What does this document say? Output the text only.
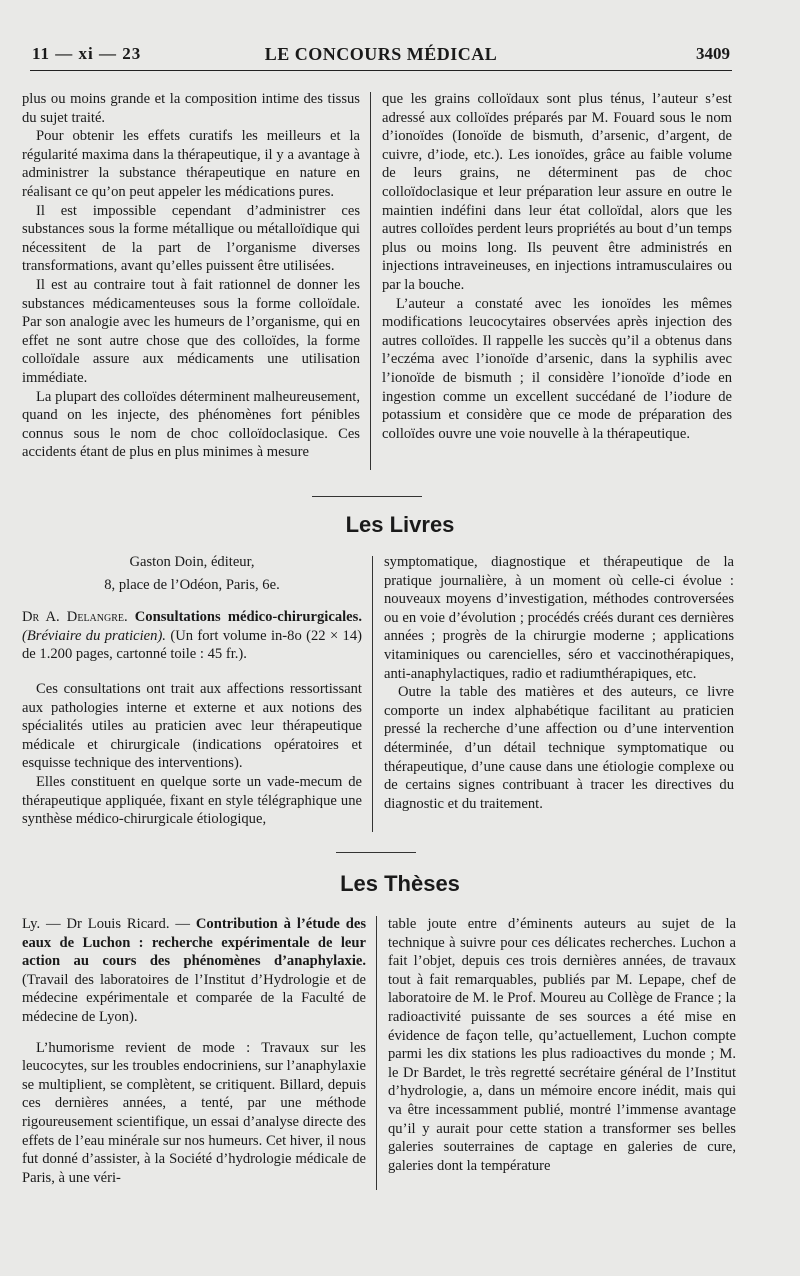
11 — xi — 23	LE CONCOURS MÉDICAL	3409

plus ou moins grande et la composition intime des tissus du sujet traité.

Pour obtenir les effets curatifs les meilleurs et la régularité maxima dans la thérapeutique, il y a avantage à administrer la substance thérapeutique en nature en réalisant ce qu’on peut appeler les médications pures.

Il est impossible cependant d’administrer ces substances sous la forme métallique ou métalloïdique qui nécessitent de la part de l’organisme diverses transformations, avant qu’elles puissent être utilisées.

Il est au contraire tout à fait rationnel de donner les substances médicamenteuses sous la forme colloïdale. Par son analogie avec les humeurs de l’organisme, qui en effet ne sont autre chose que des colloïdes, la forme colloïdale assure aux médicaments une utilisation immédiate.

La plupart des colloïdes déterminent malheureusement, quand on les injecte, des phénomènes fort pénibles connus sous le nom de choc colloïdoclasique. Ces accidents étant de plus en plus minimes à mesure

que les grains colloïdaux sont plus ténus, l’auteur s’est adressé aux colloïdes préparés par M. Fouard sous le nom d’ionoïdes (Ionoïde de bismuth, d’arsenic, d’argent, de cuivre, d’iode, etc.). Les ionoïdes, grâce au faible volume de leurs grains, ne déterminent pas de choc colloïdoclasique et leur préparation leur assure en outre le maintien indéfini dans leur état colloïdal, alors que les autres colloïdes perdent leurs propriétés au bout d’un temps plus ou moins long. Ils peuvent être administrés en injections intraveineuses, en injections intramusculaires ou par la bouche.

L’auteur a constaté avec les ionoïdes les mêmes modifications leucocytaires observées après injection des autres colloïdes. Il rappelle les succès qu’il a obtenus dans l’eczéma avec l’ionoïde d’arsenic, dans la syphilis avec l’ionoïde de bismuth ; il considère l’ionoïde d’iode en ingestion comme un excellent succédané de l’iodure de potassium et considère que ce mode de préparation des colloïdes ouvre une voie nouvelle à la thérapeutique.

Les Livres

Gaston Doin, éditeur,

8, place de l’Odéon, Paris, 6e.

Dr A. Delangre. Consultations médico-chirurgicales. (Bréviaire du praticien). (Un fort volume in-8o (22 × 14) de 1.200 pages, cartonné toile : 45 fr.).

Ces consultations ont trait aux affections ressortissant aux pathologies interne et externe et aux notions des spécialités utiles au praticien avec leur thérapeutique médicale et chirurgicale (indications opératoires et esquisse technique des interventions).

Elles constituent en quelque sorte un vade-mecum de thérapeutique appliquée, fixant en style télégraphique une synthèse médico-chirurgicale étiologique,

symptomatique, diagnostique et thérapeutique de la pratique journalière, à un moment où celle-ci évolue : nouveaux moyens d’investigation, méthodes controversées ou en voie d’évolution ; procédés créés durant ces dernières années ; progrès de la chirurgie moderne ; applications vitaminiques ou carencielles, séro et vaccinothérapiques, anti-anaphylactiques, radio et radiumthérapiques, etc.

Outre la table des matières et des auteurs, ce livre comporte un index alphabétique facilitant au praticien pressé la recherche d’une affection ou d’une intervention déterminée, d’un détail technique symptomatique ou thérapeutique, d’une cause dans une étiologie complexe ou de certains signes contribuant à tracer les directives du diagnostic et du traitement.

Les Thèses

Ly. — Dr Louis Ricard. — Contribution à l’étude des eaux de Luchon : recherche expérimentale de leur action au cours des phénomènes d’anaphylaxie. (Travail des laboratoires de l’Institut d’Hydrologie et de médecine expérimentale et comparée de la Faculté de médecine de Lyon).

L’humorisme revient de mode : Travaux sur les leucocytes, sur les troubles endocriniens, sur l’anaphylaxie se multiplient, se complètent, se critiquent. Billard, depuis ces dernières années, a tenté, par une méthode rigoureusement scientifique, un essai d’analyse directe des effets de l’eau minérale sur nos humeurs. Cet hiver, il nous fut donné d’assister, à la Société d’hydrologie médicale de Paris, à une véri-

table joute entre d’éminents auteurs au sujet de la technique à suivre pour ces délicates recherches. Luchon a fait l’objet, depuis ces trois dernières années, de travaux tout à fait remarquables, publiés par M. Lepape, chef de laboratoire de M. le Prof. Moureu au Collège de France ; la radioactivité puissante de ses sources a été mise en évidence de façon telle, qu’actuellement, Luchon compte parmi les dix stations les plus radioactives du monde ; M. le Dr Bardet, le très regretté secrétaire général de l’Institut d’hydrologie, a, dans un mémoire encore inédit, mais qui va être incessamment publié, montré l’immense avantage qu’il y aurait pour cette station a transformer ses belles galeries souterraines de captage en galeries de cure, galeries dont la température
